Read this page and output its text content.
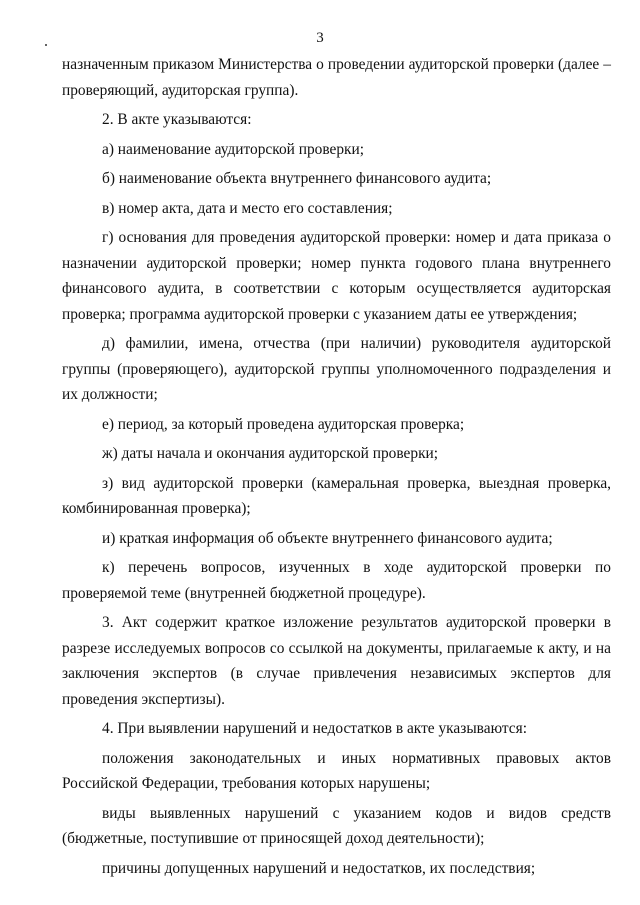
3

назначенным приказом Министерства о проведении аудиторской проверки (далее – проверяющий, аудиторская группа).

2. В акте указываются:

а) наименование аудиторской проверки;

б) наименование объекта внутреннего финансового аудита;

в) номер акта, дата и место его составления;

г) основания для проведения аудиторской проверки: номер и дата приказа о назначении аудиторской проверки; номер пункта годового плана внутреннего финансового аудита, в соответствии с которым осуществляется аудиторская проверка; программа аудиторской проверки с указанием даты ее утверждения;

д) фамилии, имена, отчества (при наличии) руководителя аудиторской группы (проверяющего), аудиторской группы уполномоченного подразделения и их должности;

е) период, за который проведена аудиторская проверка;

ж) даты начала и окончания аудиторской проверки;

з) вид аудиторской проверки (камеральная проверка, выездная проверка, комбинированная проверка);

и) краткая информация об объекте внутреннего финансового аудита;

к) перечень вопросов, изученных в ходе аудиторской проверки по проверяемой теме (внутренней бюджетной процедуре).

3. Акт содержит краткое изложение результатов аудиторской проверки в разрезе исследуемых вопросов со ссылкой на документы, прилагаемые к акту, и на заключения экспертов (в случае привлечения независимых экспертов для проведения экспертизы).

4. При выявлении нарушений и недостатков в акте указываются:

положения законодательных и иных нормативных правовых актов Российской Федерации, требования которых нарушены;

виды выявленных нарушений с указанием кодов и видов средств (бюджетные, поступившие от приносящей доход деятельности);

причины допущенных нарушений и недостатков, их последствия;
